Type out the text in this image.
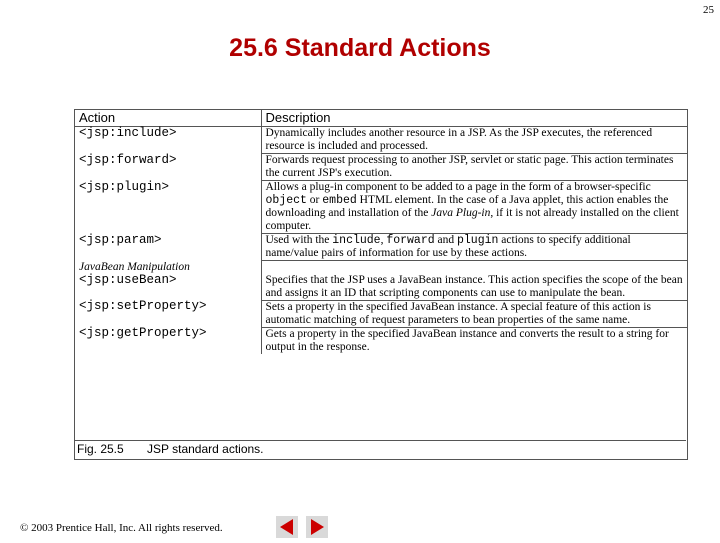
25
25.6 Standard Actions
Action	Description
<jsp:include>	Dynamically includes another resource in a JSP. As the JSP executes, the referenced resource is included and processed.
<jsp:forward>	Forwards request processing to another JSP, servlet or static page. This action terminates the current JSP's execution.
<jsp:plugin>	Allows a plug-in component to be added to a page in the form of a browser-specific object or embed HTML element. In the case of a Java applet, this action enables the downloading and installation of the Java Plug-in, if it is not already installed on the client computer.
<jsp:param>	Used with the include, forward and plugin actions to specify additional name/value pairs of information for use by these actions.
JavaBean Manipulation	
<jsp:useBean>	Specifies that the JSP uses a JavaBean instance. This action specifies the scope of the bean and assigns it an ID that scripting components can use to manipulate the bean.
<jsp:setProperty>	Sets a property in the specified JavaBean instance. A special feature of this action is automatic matching of request parameters to bean properties of the same name.
<jsp:getProperty>	Gets a property in the specified JavaBean instance and converts the result to a string for output in the response.
Fig. 25.5 JSP standard actions.
© 2003 Prentice Hall, Inc. All rights reserved.
